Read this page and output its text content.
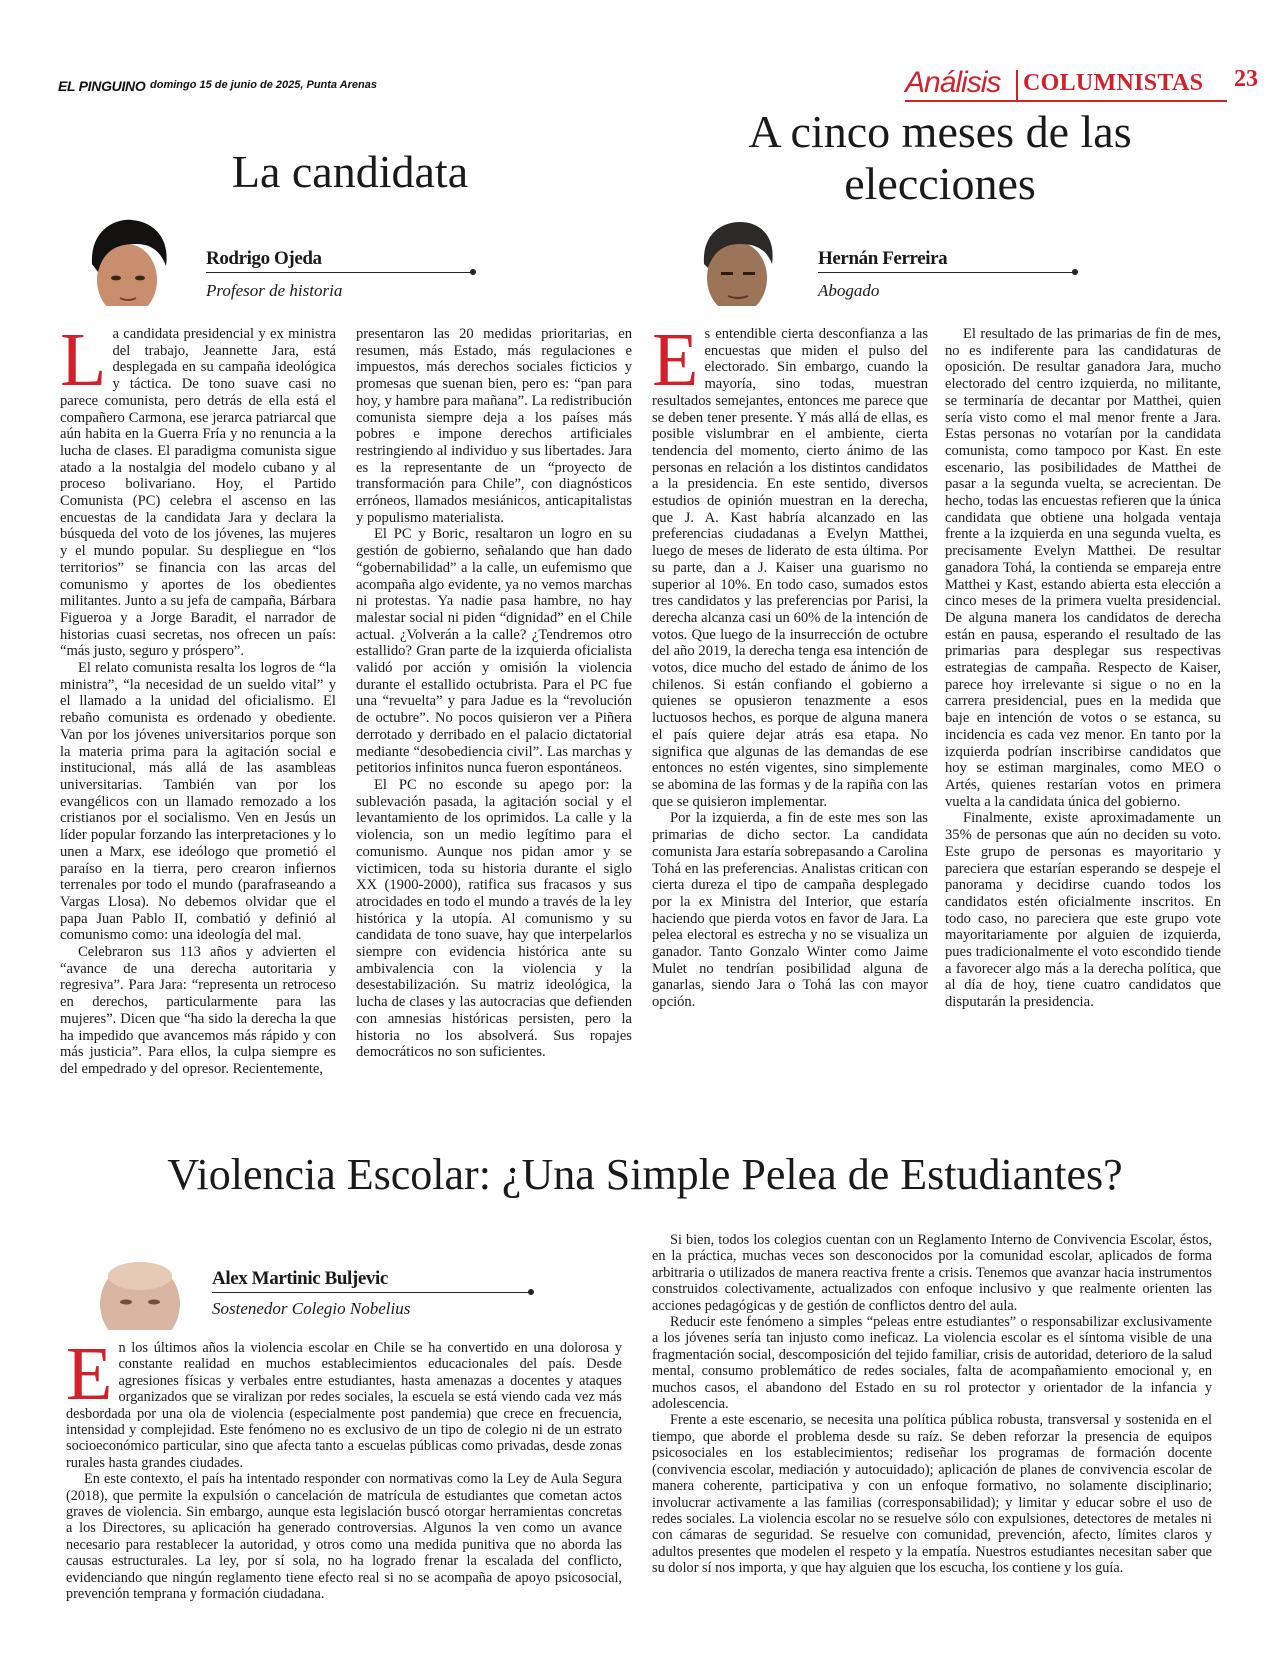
EL PINGUINO domingo 15 de junio de 2025, Punta Arenas	Análisis COLUMNISTAS 23
La candidata
Rodrigo Ojeda
Profesor de historia

La candidata presidencial y ex ministra del trabajo, Jeannette Jara, está desplegada en su campaña ideológica y táctica. De tono suave casi no parece comunista, pero detrás de ella está el compañero Carmona, ese jerarca patriarcal que aún habita en la Guerra Fría y no renuncia a la lucha de clases. El paradigma comunista sigue atado a la nostalgia del modelo cubano y al proceso bolivariano. Hoy, el Partido Comunista (PC) celebra el ascenso en las encuestas de la candidata Jara y declara la búsqueda del voto de los jóvenes, las mujeres y el mundo popular. Su despliegue en “los territorios” se financia con las arcas del comunismo y aportes de los obedientes militantes. Junto a su jefa de campaña, Bárbara Figueroa y a Jorge Baradit, el narrador de historias cuasi secretas, nos ofrecen un país: “más justo, seguro y próspero”.

El relato comunista resalta los logros de “la ministra”, “la necesidad de un sueldo vital” y el llamado a la unidad del oficialismo. El rebaño comunista es ordenado y obediente. Van por los jóvenes universitarios porque son la materia prima para la agitación social e institucional, más allá de las asambleas universitarias. También van por los evangélicos con un llamado remozado a los cristianos por el socialismo. Ven en Jesús un líder popular forzando las interpretaciones y lo unen a Marx, ese ideólogo que prometió el paraíso en la tierra, pero crearon infiernos terrenales por todo el mundo (parafraseando a Vargas Llosa). No debemos olvidar que el papa Juan Pablo II, combatió y definió al comunismo como: una ideología del mal.

Celebraron sus 113 años y advierten el “avance de una derecha autoritaria y regresiva”. Para Jara: “representa un retroceso en derechos, particularmente para las mujeres”. Dicen que “ha sido la derecha la que ha impedido que avancemos más rápido y con más justicia”. Para ellos, la culpa siempre es del empedrado y del opresor. Recientemente,

presentaron las 20 medidas prioritarias, en resumen, más Estado, más regulaciones e impuestos, más derechos sociales ficticios y promesas que suenan bien, pero es: “pan para hoy, y hambre para mañana”. La redistribución comunista siempre deja a los países más pobres e impone derechos artificiales restringiendo al individuo y sus libertades. Jara es la representante de un “proyecto de transformación para Chile”, con diagnósticos erróneos, llamados mesiánicos, anticapitalistas y populismo materialista.

El PC y Boric, resaltaron un logro en su gestión de gobierno, señalando que han dado “gobernabilidad” a la calle, un eufemismo que acompaña algo evidente, ya no vemos marchas ni protestas. Ya nadie pasa hambre, no hay malestar social ni piden “dignidad” en el Chile actual. ¿Volverán a la calle? ¿Tendremos otro estallido? Gran parte de la izquierda oficialista validó por acción y omisión la violencia durante el estallido octubrista. Para el PC fue una “revuelta” y para Jadue es la “revolución de octubre”. No pocos quisieron ver a Piñera derrotado y derribado en el palacio dictatorial mediante “desobediencia civil”. Las marchas y petitorios infinitos nunca fueron espontáneos.

El PC no esconde su apego por: la sublevación pasada, la agitación social y el levantamiento de los oprimidos. La calle y la violencia, son un medio legítimo para el comunismo. Aunque nos pidan amor y se victimicen, toda su historia durante el siglo XX (1900-2000), ratifica sus fracasos y sus atrocidades en todo el mundo a través de la ley histórica y la utopía. Al comunismo y su candidata de tono suave, hay que interpelarlos siempre con evidencia histórica ante su ambivalencia con la violencia y la desestabilización. Su matriz ideológica, la lucha de clases y las autocracias que defienden con amnesias históricas persisten, pero la historia no los absolverá. Sus ropajes democráticos no son suficientes.

A cinco meses de las elecciones
Hernán Ferreira
Abogado

Es entendible cierta desconfianza a las encuestas que miden el pulso del electorado. Sin embargo, cuando la mayoría, sino todas, muestran resultados semejantes, entonces me parece que se deben tener presente. Y más allá de ellas, es posible vislumbrar en el ambiente, cierta tendencia del momento, cierto ánimo de las personas en relación a los distintos candidatos a la presidencia. En este sentido, diversos estudios de opinión muestran en la derecha, que J. A. Kast habría alcanzado en las preferencias ciudadanas a Evelyn Matthei, luego de meses de liderato de esta última. Por su parte, dan a J. Kaiser una guarismo no superior al 10%. En todo caso, sumados estos tres candidatos y las preferencias por Parisi, la derecha alcanza casi un 60% de la intención de votos. Que luego de la insurrección de octubre del año 2019, la derecha tenga esa intención de votos, dice mucho del estado de ánimo de los chilenos. Si están confiando el gobierno a quienes se opusieron tenazmente a esos luctuosos hechos, es porque de alguna manera el país quiere dejar atrás esa etapa. No significa que algunas de las demandas de ese entonces no estén vigentes, sino simplemente se abomina de las formas y de la rapiña con las que se quisieron implementar.

Por la izquierda, a fin de este mes son las primarias de dicho sector. La candidata comunista Jara estaría sobrepasando a Carolina Tohá en las preferencias. Analistas critican con cierta dureza el tipo de campaña desplegado por la ex Ministra del Interior, que estaría haciendo que pierda votos en favor de Jara. La pelea electoral es estrecha y no se visualiza un ganador. Tanto Gonzalo Winter como Jaime Mulet no tendrían posibilidad alguna de ganarlas, siendo Jara o Tohá las con mayor opción.

El resultado de las primarias de fin de mes, no es indiferente para las candidaturas de oposición. De resultar ganadora Jara, mucho electorado del centro izquierda, no militante, se terminaría de decantar por Matthei, quien sería visto como el mal menor frente a Jara. Estas personas no votarían por la candidata comunista, como tampoco por Kast. En este escenario, las posibilidades de Matthei de pasar a la segunda vuelta, se acrecientan. De hecho, todas las encuestas refieren que la única candidata que obtiene una holgada ventaja frente a la izquierda en una segunda vuelta, es precisamente Evelyn Matthei. De resultar ganadora Tohá, la contienda se empareja entre Matthei y Kast, estando abierta esta elección a cinco meses de la primera vuelta presidencial. De alguna manera los candidatos de derecha están en pausa, esperando el resultado de las primarias para desplegar sus respectivas estrategias de campaña. Respecto de Kaiser, parece hoy irrelevante si sigue o no en la carrera presidencial, pues en la medida que baje en intención de votos o se estanca, su incidencia es cada vez menor. En tanto por la izquierda podrían inscribirse candidatos que hoy se estiman marginales, como MEO o Artés, quienes restarían votos en primera vuelta a la candidata única del gobierno.

Finalmente, existe aproximadamente un 35% de personas que aún no deciden su voto. Este grupo de personas es mayoritario y pareciera que estarían esperando se despeje el panorama y decidirse cuando todos los candidatos estén oficialmente inscritos. En todo caso, no pareciera que este grupo vote mayoritariamente por alguien de izquierda, pues tradicionalmente el voto escondido tiende a favorecer algo más a la derecha política, que al día de hoy, tiene cuatro candidatos que disputarán la presidencia.

Violencia Escolar: ¿Una Simple Pelea de Estudiantes?
Alex Martinic Buljevic
Sostenedor Colegio Nobelius

En los últimos años la violencia escolar en Chile se ha convertido en una dolorosa y constante realidad en muchos establecimientos educacionales del país. Desde agresiones físicas y verbales entre estudiantes, hasta amenazas a docentes y ataques organizados que se viralizan por redes sociales, la escuela se está viendo cada vez más desbordada por una ola de violencia (especialmente post pandemia) que crece en frecuencia, intensidad y complejidad. Este fenómeno no es exclusivo de un tipo de colegio ni de un estrato socioeconómico particular, sino que afecta tanto a escuelas públicas como privadas, desde zonas rurales hasta grandes ciudades.

En este contexto, el país ha intentado responder con normativas como la Ley de Aula Segura (2018), que permite la expulsión o cancelación de matrícula de estudiantes que cometan actos graves de violencia. Sin embargo, aunque esta legislación buscó otorgar herramientas concretas a los Directores, su aplicación ha generado controversias. Algunos la ven como un avance necesario para restablecer la autoridad, y otros como una medida punitiva que no aborda las causas estructurales. La ley, por sí sola, no ha logrado frenar la escalada del conflicto, evidenciando que ningún reglamento tiene efecto real si no se acompaña de apoyo psicosocial, prevención temprana y formación ciudadana.

Si bien, todos los colegios cuentan con un Reglamento Interno de Convivencia Escolar, éstos, en la práctica, muchas veces son desconocidos por la comunidad escolar, aplicados de forma arbitraria o utilizados de manera reactiva frente a crisis. Tenemos que avanzar hacia instrumentos construidos colectivamente, actualizados con enfoque inclusivo y que realmente orienten las acciones pedagógicas y de gestión de conflictos dentro del aula.

Reducir este fenómeno a simples “peleas entre estudiantes” o responsabilizar exclusivamente a los jóvenes sería tan injusto como ineficaz. La violencia escolar es el síntoma visible de una fragmentación social, descomposición del tejido familiar, crisis de autoridad, deterioro de la salud mental, consumo problemático de redes sociales, falta de acompañamiento emocional y, en muchos casos, el abandono del Estado en su rol protector y orientador de la infancia y adolescencia.

Frente a este escenario, se necesita una política pública robusta, transversal y sostenida en el tiempo, que aborde el problema desde su raíz. Se deben reforzar la presencia de equipos psicosociales en los establecimientos; rediseñar los programas de formación docente (convivencia escolar, mediación y autocuidado); aplicación de planes de convivencia escolar de manera coherente, participativa y con un enfoque formativo, no solamente disciplinario; involucrar activamente a las familias (corresponsabilidad); y limitar y educar sobre el uso de redes sociales. La violencia escolar no se resuelve sólo con expulsiones, detectores de metales ni con cámaras de seguridad. Se resuelve con comunidad, prevención, afecto, límites claros y adultos presentes que modelen el respeto y la empatía. Nuestros estudiantes necesitan saber que su dolor sí nos importa, y que hay alguien que los escucha, los contiene y los guía.
